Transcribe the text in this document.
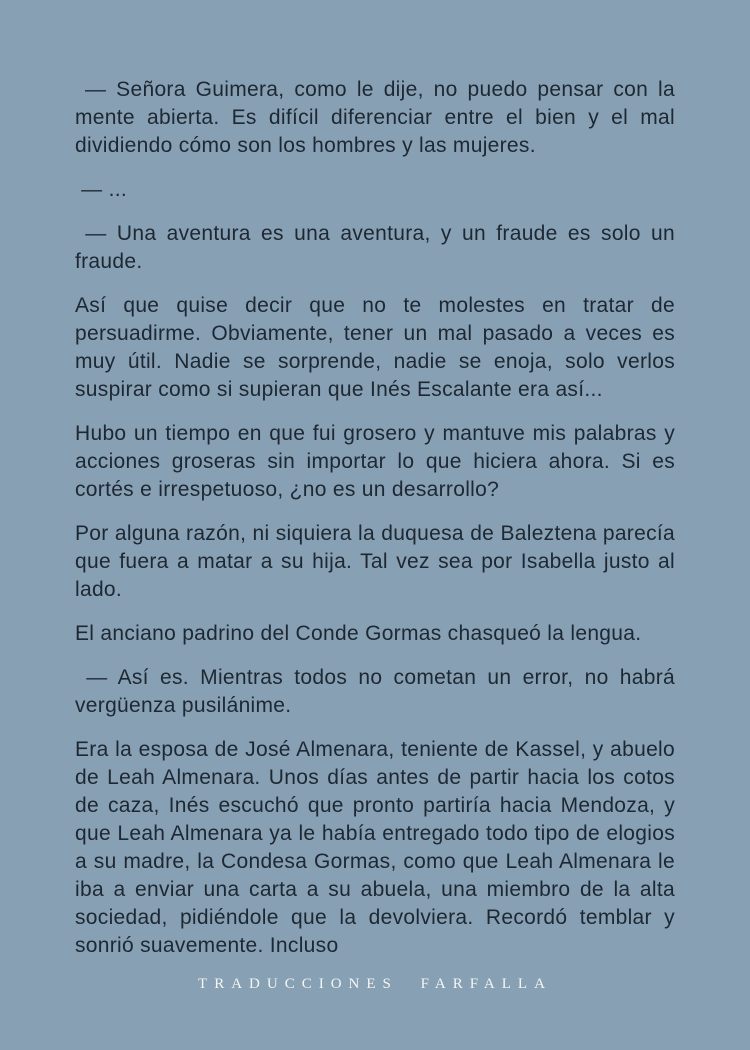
— Señora Guimera, como le dije, no puedo pensar con la mente abierta. Es difícil diferenciar entre el bien y el mal dividiendo cómo son los hombres y las mujeres.

— ...

— Una aventura es una aventura, y un fraude es solo un fraude.

Así que quise decir que no te molestes en tratar de persuadirme. Obviamente, tener un mal pasado a veces es muy útil. Nadie se sorprende, nadie se enoja, solo verlos suspirar como si supieran que Inés Escalante era así...

Hubo un tiempo en que fui grosero y mantuve mis palabras y acciones groseras sin importar lo que hiciera ahora. Si es cortés e irrespetuoso, ¿no es un desarrollo?

Por alguna razón, ni siquiera la duquesa de Baleztena parecía que fuera a matar a su hija. Tal vez sea por Isabella justo al lado.

El anciano padrino del Conde Gormas chasqueó la lengua.

— Así es. Mientras todos no cometan un error, no habrá vergüenza pusilánime.

Era la esposa de José Almenara, teniente de Kassel, y abuelo de Leah Almenara. Unos días antes de partir hacia los cotos de caza, Inés escuchó que pronto partiría hacia Mendoza, y que Leah Almenara ya le había entregado todo tipo de elogios a su madre, la Condesa Gormas, como que Leah Almenara le iba a enviar una carta a su abuela, una miembro de la alta sociedad, pidiéndole que la devolviera. Recordó temblar y sonrió suavemente. Incluso

TRADUCCIONES FARFALLA
